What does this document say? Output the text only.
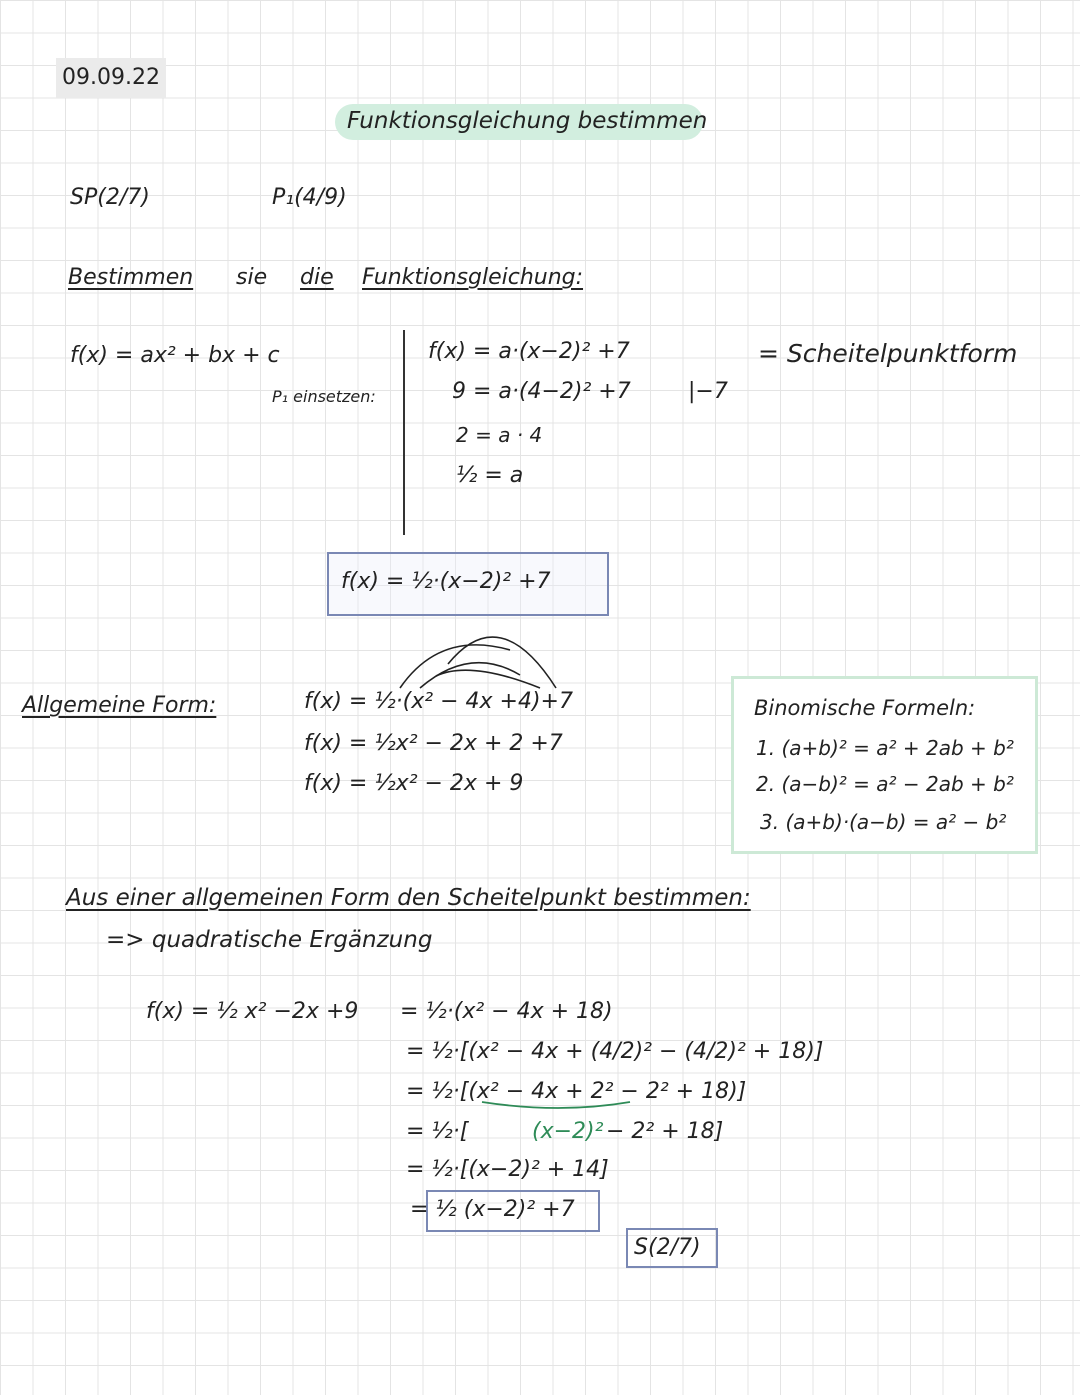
09.09.22
Funktionsgleichung bestimmen
SP(2/7)	P₁(4/9)
Bestimmen sie die Funktionsgleichung:
f(x) = ax² + bx + c
P₁ einsetzen:
f(x) = a·(x−2)² +7
9 = a·(4−2)² +7	|−7
2 = a · 4
½ = a
= Scheitelpunktform
f(x) = ½·(x−2)² +7
Allgemeine Form:	f(x) = ½·(x² − 4x +4)+7
f(x) = ½x² − 2x + 2 +7
f(x) = ½x² − 2x + 9
Binomische Formeln:
1. (a+b)² = a² + 2ab + b²
2. (a−b)² = a² − 2ab + b²
3. (a+b)·(a−b) = a² − b²
Aus einer allgemeinen Form den Scheitelpunkt bestimmen:
=> quadratische Ergänzung
f(x) = ½ x² −2x +9 = ½·(x² − 4x + 18)
= ½·[(x² − 4x + (4/2)² − (4/2)² + 18)]
= ½·[(x² − 4x + 2² − 2² + 18)]
= ½·[	(x−2)² − 2² + 18]
= ½·[(x−2)² + 14]
= ½ (x−2)² +7
S(2/7)
